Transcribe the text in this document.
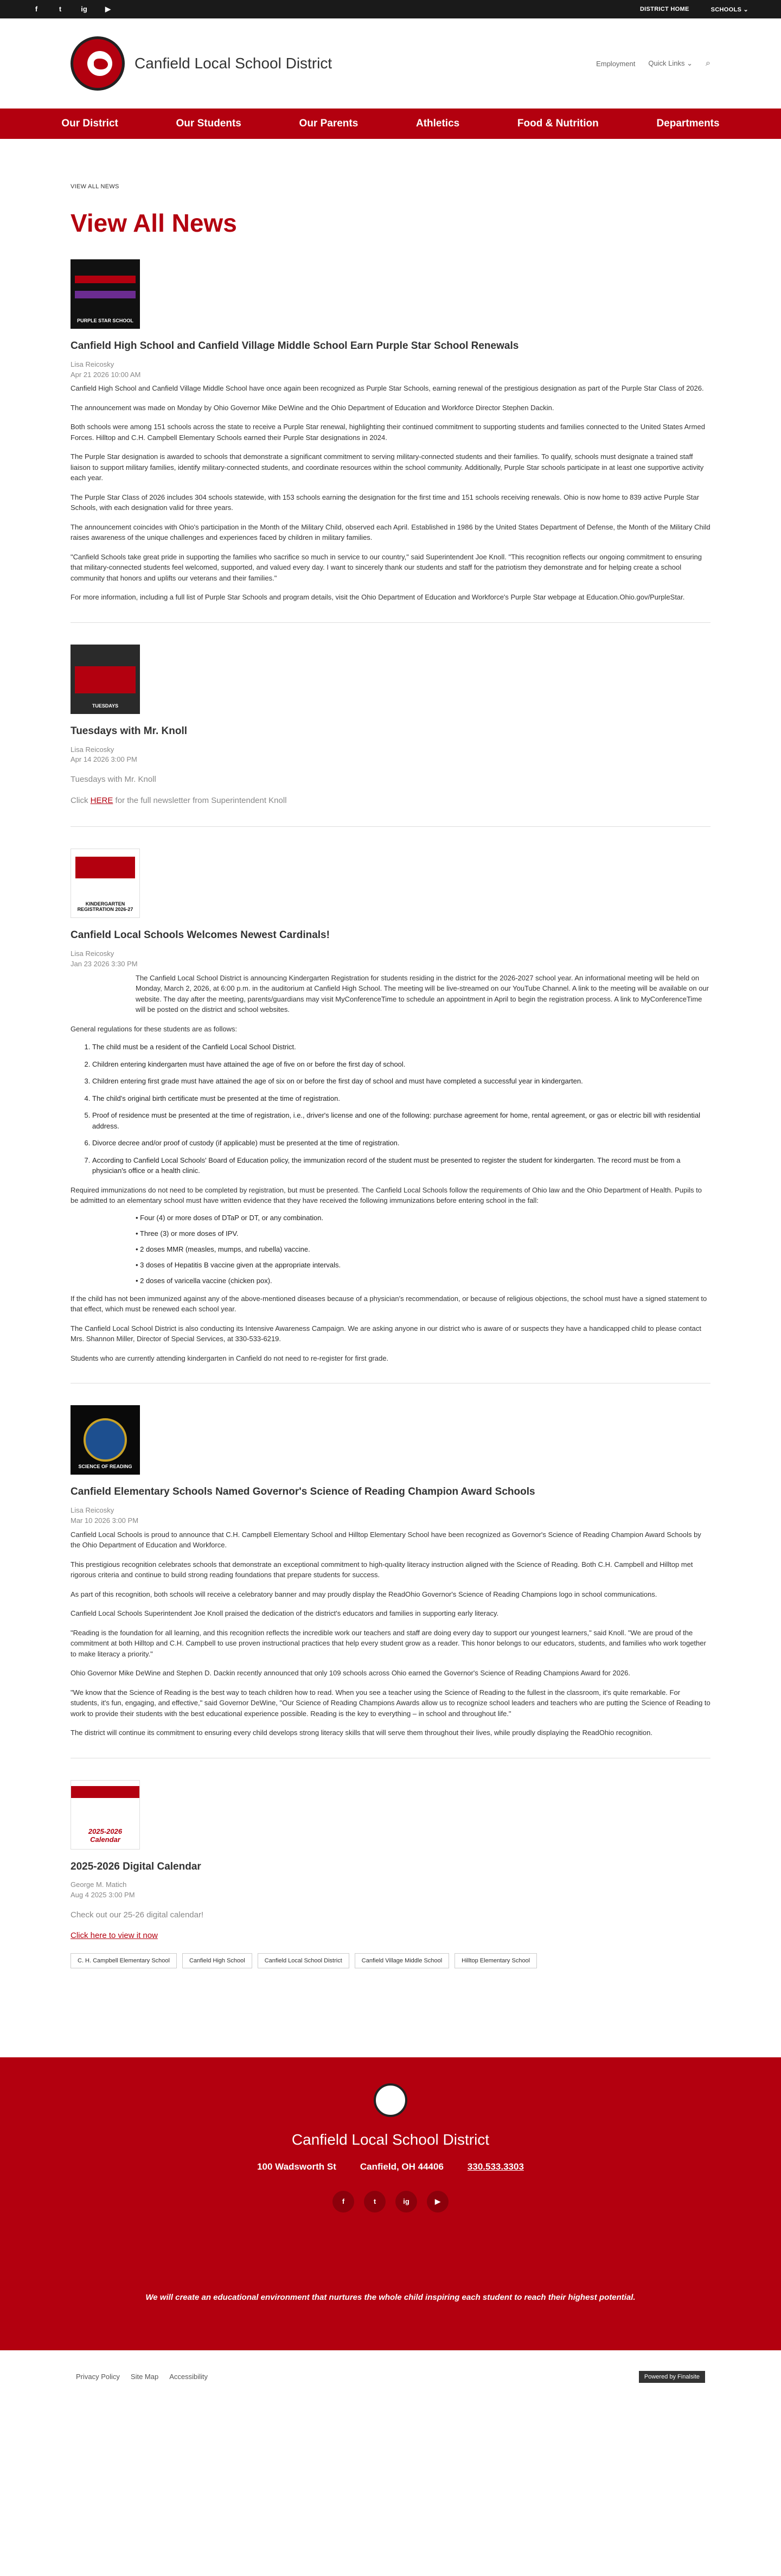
f	t	ig	▶	DISTRICT HOME	SCHOOLS ⌄
Canfield Local School District	Employment Quick Links ⌄ ⌕
Our District	Our Students	Our Parents	Athletics	Food & Nutrition	Departments
VIEW ALL NEWS
View All News
PURPLE STAR SCHOOL
Canfield High School and Canfield Village Middle School Earn Purple Star School Renewals
Lisa Reicosky
Apr 21 2026 10:00 AM

Canfield High School and Canfield Village Middle School have once again been recognized as Purple Star Schools, earning renewal of the prestigious designation as part of the Purple Star Class of 2026.

The announcement was made on Monday by Ohio Governor Mike DeWine and the Ohio Department of Education and Workforce Director Stephen Dackin.

Both schools were among 151 schools across the state to receive a Purple Star renewal, highlighting their continued commitment to supporting students and families connected to the United States Armed Forces. Hilltop and C.H. Campbell Elementary Schools earned their Purple Star designations in 2024.

The Purple Star designation is awarded to schools that demonstrate a significant commitment to serving military-connected students and their families. To qualify, schools must designate a trained staff liaison to support military families, identify military-connected students, and coordinate resources within the school community. Additionally, Purple Star schools participate in at least one supportive activity each year.

The Purple Star Class of 2026 includes 304 schools statewide, with 153 schools earning the designation for the first time and 151 schools receiving renewals. Ohio is now home to 839 active Purple Star Schools, with each designation valid for three years.

The announcement coincides with Ohio's participation in the Month of the Military Child, observed each April. Established in 1986 by the United States Department of Defense, the Month of the Military Child raises awareness of the unique challenges and experiences faced by children in military families.

"Canfield Schools take great pride in supporting the families who sacrifice so much in service to our country," said Superintendent Joe Knoll. "This recognition reflects our ongoing commitment to ensuring that military-connected students feel welcomed, supported, and valued every day. I want to sincerely thank our students and staff for the patriotism they demonstrate and for helping create a school community that honors and uplifts our veterans and their families."

For more information, including a full list of Purple Star Schools and program details, visit the Ohio Department of Education and Workforce's Purple Star webpage at Education.Ohio.gov/PurpleStar.

TUESDAYS
Tuesdays with Mr. Knoll
Lisa Reicosky
Apr 14 2026 3:00 PM

Tuesdays with Mr. Knoll

Click HERE for the full newsletter from Superintendent Knoll

KINDERGARTEN REGISTRATION 2026-27
Canfield Local Schools Welcomes Newest Cardinals!
Lisa Reicosky
Jan 23 2026 3:30 PM

The Canfield Local School District is announcing Kindergarten Registration for students residing in the district for the 2026-2027 school year. An informational meeting will be held on Monday, March 2, 2026, at 6:00 p.m. in the auditorium at Canfield High School. The meeting will be live-streamed on our YouTube Channel. A link to the meeting will be available on our website. The day after the meeting, parents/guardians may visit MyConferenceTime to schedule an appointment in April to begin the registration process. A link to MyConferenceTime will be posted on the district and school websites.

General regulations for these students are as follows:

1. The child must be a resident of the Canfield Local School District.
2. Children entering kindergarten must have attained the age of five on or before the first day of school.
3. Children entering first grade must have attained the age of six on or before the first day of school and must have completed a successful year in kindergarten.
4. The child's original birth certificate must be presented at the time of registration.
5. Proof of residence must be presented at the time of registration, i.e., driver's license and one of the following: purchase agreement for home, rental agreement, or gas or electric bill with residential address.
6. Divorce decree and/or proof of custody (if applicable) must be presented at the time of registration.
7. According to Canfield Local Schools' Board of Education policy, the immunization record of the student must be presented to register the student for kindergarten. The record must be from a physician's office or a health clinic.

Required immunizations do not need to be completed by registration, but must be presented. The Canfield Local Schools follow the requirements of Ohio law and the Ohio Department of Health. Pupils to be admitted to an elementary school must have written evidence that they have received the following immunizations before entering school in the fall:

• Four (4) or more doses of DTaP or DT, or any combination.
• Three (3) or more doses of IPV.
• 2 doses MMR (measles, mumps, and rubella) vaccine.
• 3 doses of Hepatitis B vaccine given at the appropriate intervals.
• 2 doses of varicella vaccine (chicken pox).

If the child has not been immunized against any of the above-mentioned diseases because of a physician's recommendation, or because of religious objections, the school must have a signed statement to that effect, which must be renewed each school year.

The Canfield Local School District is also conducting its Intensive Awareness Campaign. We are asking anyone in our district who is aware of or suspects they have a handicapped child to please contact Mrs. Shannon Miller, Director of Special Services, at 330-533-6219.

Students who are currently attending kindergarten in Canfield do not need to re-register for first grade.

SCIENCE OF READING
Canfield Elementary Schools Named Governor's Science of Reading Champion Award Schools
Lisa Reicosky
Mar 10 2026 3:00 PM

Canfield Local Schools is proud to announce that C.H. Campbell Elementary School and Hilltop Elementary School have been recognized as Governor's Science of Reading Champion Award Schools by the Ohio Department of Education and Workforce.

This prestigious recognition celebrates schools that demonstrate an exceptional commitment to high-quality literacy instruction aligned with the Science of Reading. Both C.H. Campbell and Hilltop met rigorous criteria and continue to build strong reading foundations that prepare students for success.

As part of this recognition, both schools will receive a celebratory banner and may proudly display the ReadOhio Governor's Science of Reading Champions logo in school communications.

Canfield Local Schools Superintendent Joe Knoll praised the dedication of the district's educators and families in supporting early literacy.

"Reading is the foundation for all learning, and this recognition reflects the incredible work our teachers and staff are doing every day to support our youngest learners," said Knoll. "We are proud of the commitment at both Hilltop and C.H. Campbell to use proven instructional practices that help every student grow as a reader. This honor belongs to our educators, students, and families who work together to make literacy a priority."

Ohio Governor Mike DeWine and Stephen D. Dackin recently announced that only 109 schools across Ohio earned the Governor's Science of Reading Champions Award for 2026.

"We know that the Science of Reading is the best way to teach children how to read. When you see a teacher using the Science of Reading to the fullest in the classroom, it's quite remarkable. For students, it's fun, engaging, and effective," said Governor DeWine, "Our Science of Reading Champions Awards allow us to recognize school leaders and teachers who are putting the Science of Reading to work to provide their students with the best educational experience possible. Reading is the key to everything – in school and throughout life."

The district will continue its commitment to ensuring every child develops strong literacy skills that will serve them throughout their lives, while proudly displaying the ReadOhio recognition.

2025-2026 Calendar
2025-2026 Digital Calendar
George M. Matich
Aug 4 2025 3:00 PM

Check out our 25-26 digital calendar!

Click here to view it now

C. H. Campbell Elementary School	Canfield High School	Canfield Local School District	Canfield Village Middle School	Hilltop Elementary School
Canfield Local School District
100 Wadsworth St	Canfield, OH 44406	330.533.3303
f	t	ig	▶
We will create an educational environment that nurtures the whole child inspiring each student to reach their highest potential.
Privacy Policy Site Map Accessibility	Powered by Finalsite
